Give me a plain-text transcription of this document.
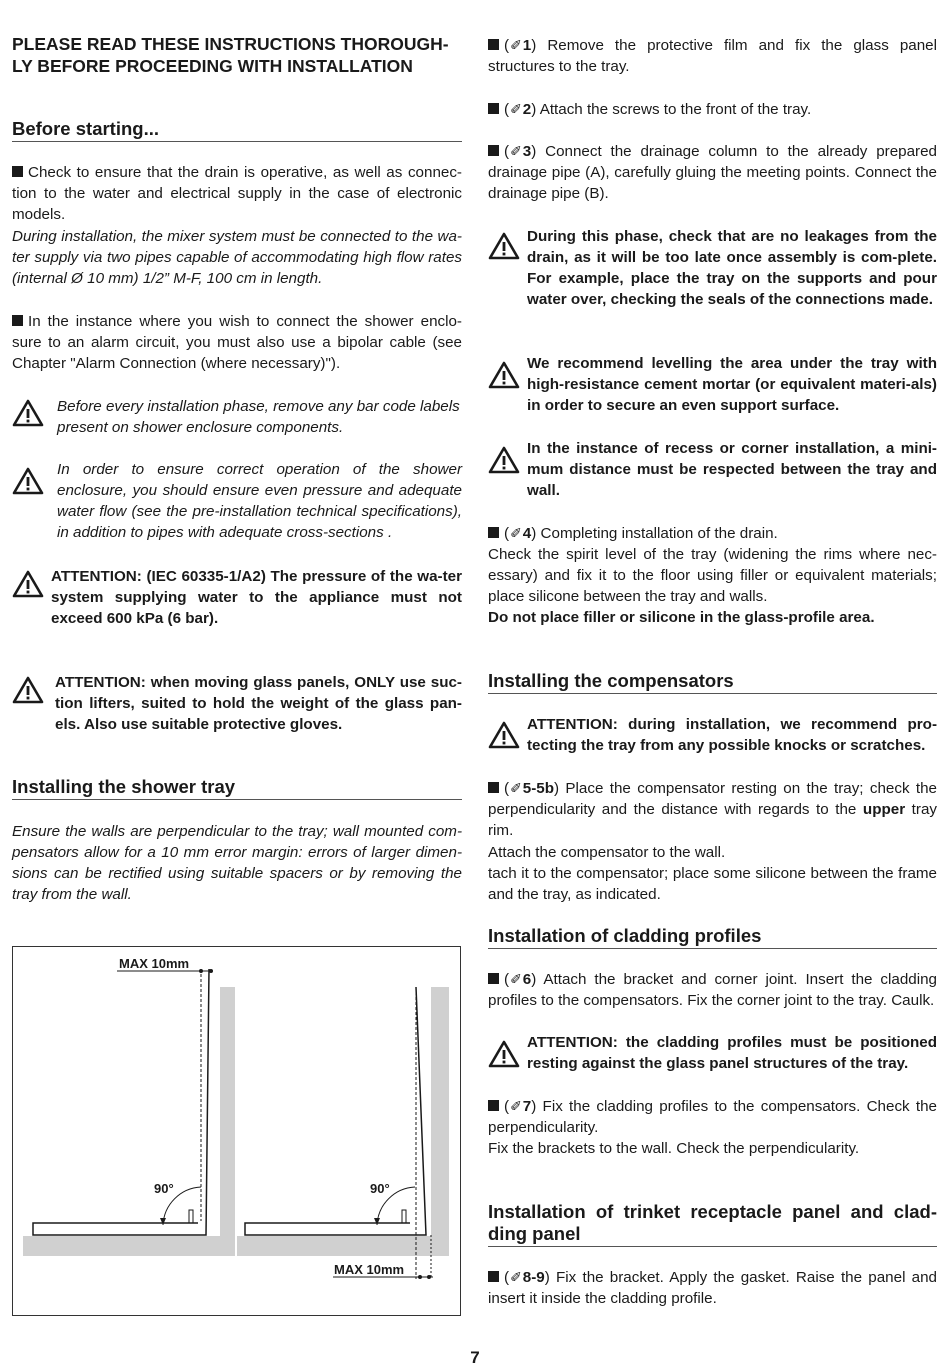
PLEASE READ THESE INSTRUCTIONS THOROUGH-LY BEFORE PROCEEDING WITH INSTALLATION
Before starting...
Check to ensure that the drain is operative, as well as connec-tion to the water and electrical supply in the case of electronic models.
During installation, the mixer system must be connected to the wa-ter supply via two pipes capable of accommodating high flow rates (internal Ø 10 mm) 1/2” M-F, 100 cm in length.
In the instance where you wish to connect the shower enclo-sure to an alarm circuit, you must also use a bipolar cable (see Chapter "Alarm Connection (where necessary)").
Before every installation phase, remove any bar code labels present on shower enclosure components.
In order to ensure correct operation of the shower enclosure, you should ensure even pressure and adequate water flow (see the pre-installation technical specifications), in addition to pipes with adequate cross-sections .
ATTENTION: (IEC 60335-1/A2) The pressure of the wa-ter system supplying water to the appliance must not exceed 600 kPa (6 bar).
ATTENTION: when moving glass panels, ONLY use suc-tion lifters, suited to hold the weight of the glass pan-els. Also use suitable protective gloves.
Installing the shower tray
Ensure the walls are perpendicular to the tray; wall mounted com-pensators allow for a 10 mm error margin: errors of larger dimen-sions can be rectified using suitable spacers or by removing the tray from the wall.
MAX 10mm
90°
MAX 10mm
90°
(✐1) Remove the protective film and fix the glass panel structures to the tray.
(✐2) Attach the screws to the front of the tray.
(✐3) Connect the drainage column to the already prepared drainage pipe (A), carefully gluing the meeting points. Connect the drainage pipe (B).
During this phase, check that are no leakages from the drain, as it will be too late once assembly is com-plete. For example, place the tray on the supports and pour water over, checking the seals of the connections made.
We recommend levelling the area under the tray with high-resistance cement mortar (or equivalent materi-als) in order to secure an even support surface.
In the instance of recess or corner installation, a mini-mum distance must be respected between the tray and wall.
(✐4) Completing installation of the drain.
Check the spirit level of the tray (widening the rims where nec-essary) and fix it to the floor using filler or equivalent materials; place silicone between the tray and walls.
Do not place filler or silicone in the glass-profile area.
Installing the compensators
ATTENTION: during installation, we recommend pro-tecting the tray from any possible knocks or scratches.
(✐5-5b) Place the compensator resting on the tray; check the perpendicularity and the distance with regards to the upper tray rim.
Attach the compensator to the wall.
tach it to the compensator; place some silicone between the frame and the tray, as indicated.
Installation of cladding profiles
(✐6) Attach the bracket and corner joint. Insert the cladding profiles to the compensators. Fix the corner joint to the tray. Caulk.
ATTENTION: the cladding profiles must be positioned resting against the glass panel structures of the tray.
(✐7) Fix the cladding profiles to the compensators. Check the perpendicularity.
Fix the brackets to the wall. Check the perpendicularity.
Installation of trinket receptacle panel and clad-ding panel
(✐8-9) Fix the bracket. Apply the gasket. Raise the panel and insert it inside the cladding profile.
7
